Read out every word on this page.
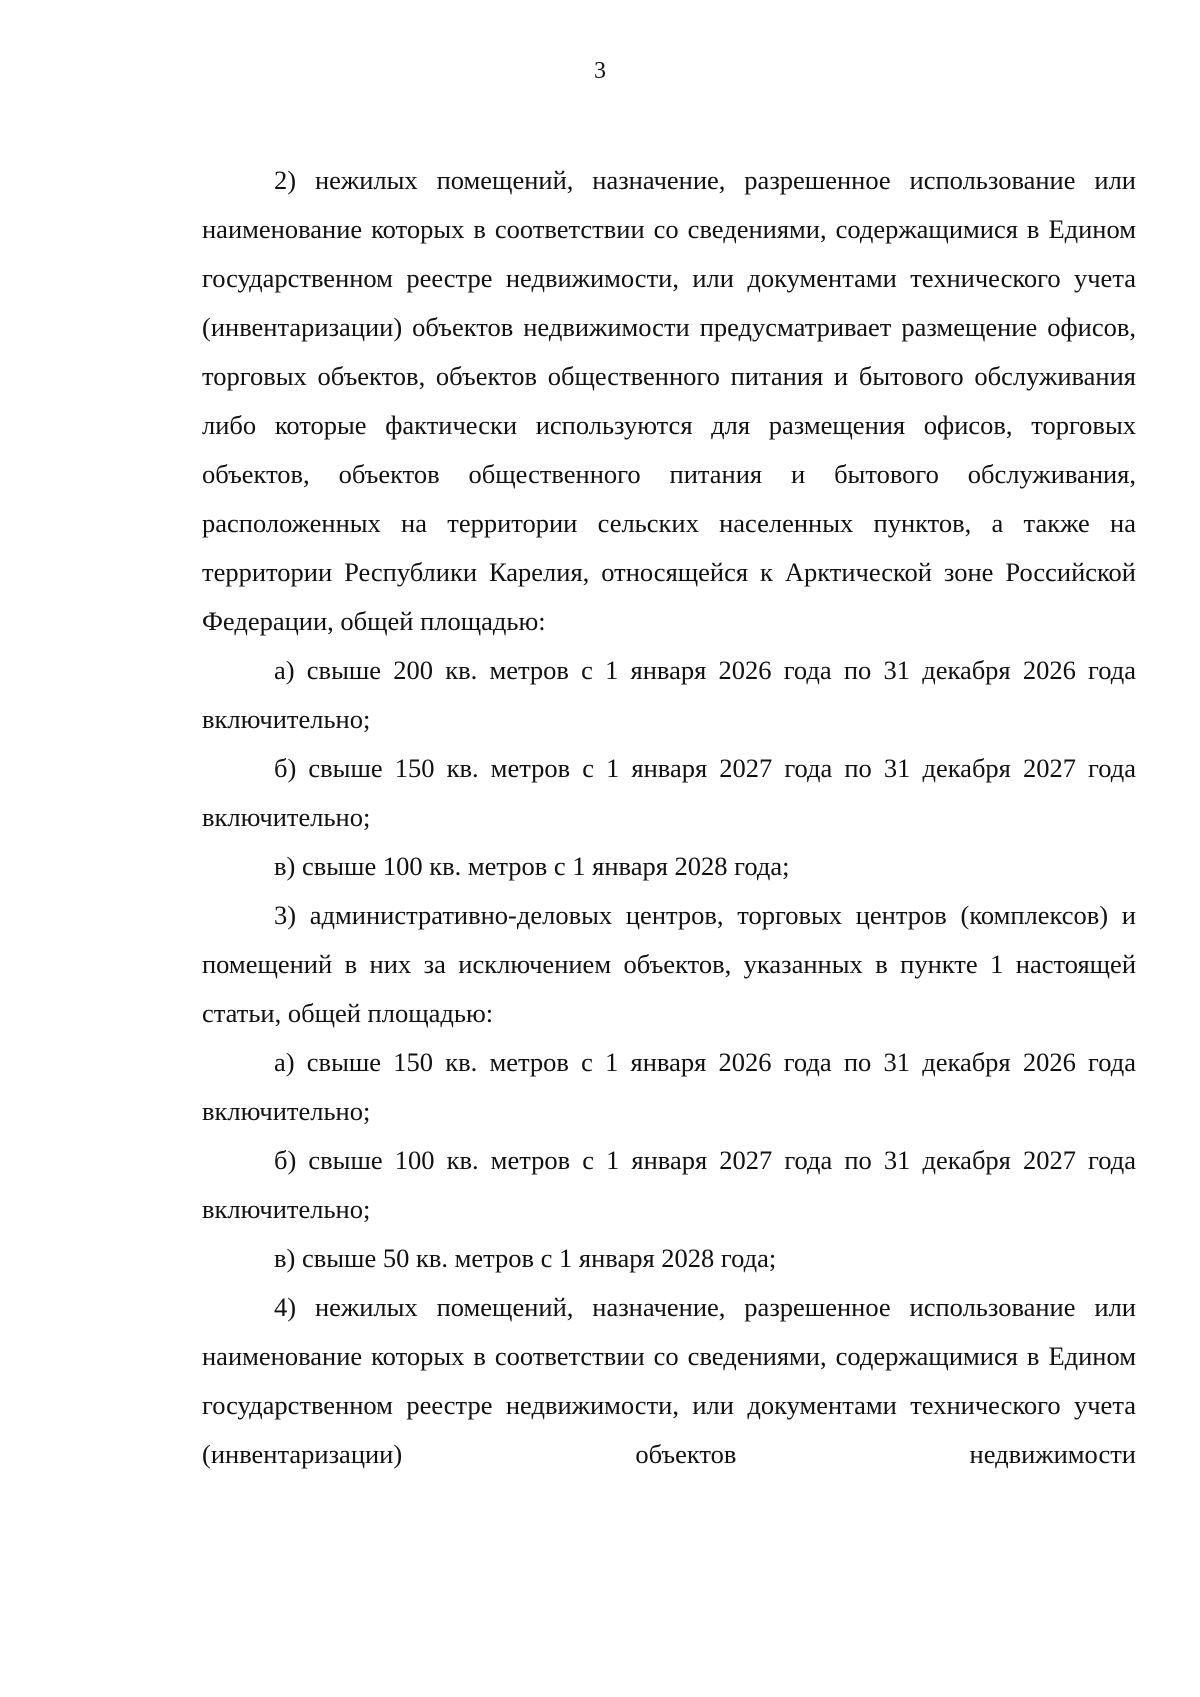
3

2) нежилых помещений, назначение, разрешенное использование или наименование которых в соответствии со сведениями, содержащимися в Едином государственном реестре недвижимости, или документами технического учета (инвентаризации) объектов недвижимости предусматривает размещение офисов, торговых объектов, объектов общественного питания и бытового обслуживания либо которые фактически используются для размещения офисов, торговых объектов, объектов общественного питания и бытового обслуживания, расположенных на территории сельских населенных пунктов, а также на территории Республики Карелия, относящейся к Арктической зоне Российской Федерации, общей площадью:

а) свыше 200 кв. метров с 1 января 2026 года по 31 декабря 2026 года включительно;

б) свыше 150 кв. метров с 1 января 2027 года по 31 декабря 2027 года включительно;

в) свыше 100 кв. метров с 1 января 2028 года;

3) административно-деловых центров, торговых центров (комплексов) и помещений в них за исключением объектов, указанных в пункте 1 настоящей статьи, общей площадью:

а) свыше 150 кв. метров с 1 января 2026 года по 31 декабря 2026 года включительно;

б) свыше 100 кв. метров с 1 января 2027 года по 31 декабря 2027 года включительно;

в) свыше 50 кв. метров с 1 января 2028 года;

4) нежилых помещений, назначение, разрешенное использование или наименование которых в соответствии со сведениями, содержащимися в Едином государственном реестре недвижимости, или документами технического учета (инвентаризации) объектов недвижимости
